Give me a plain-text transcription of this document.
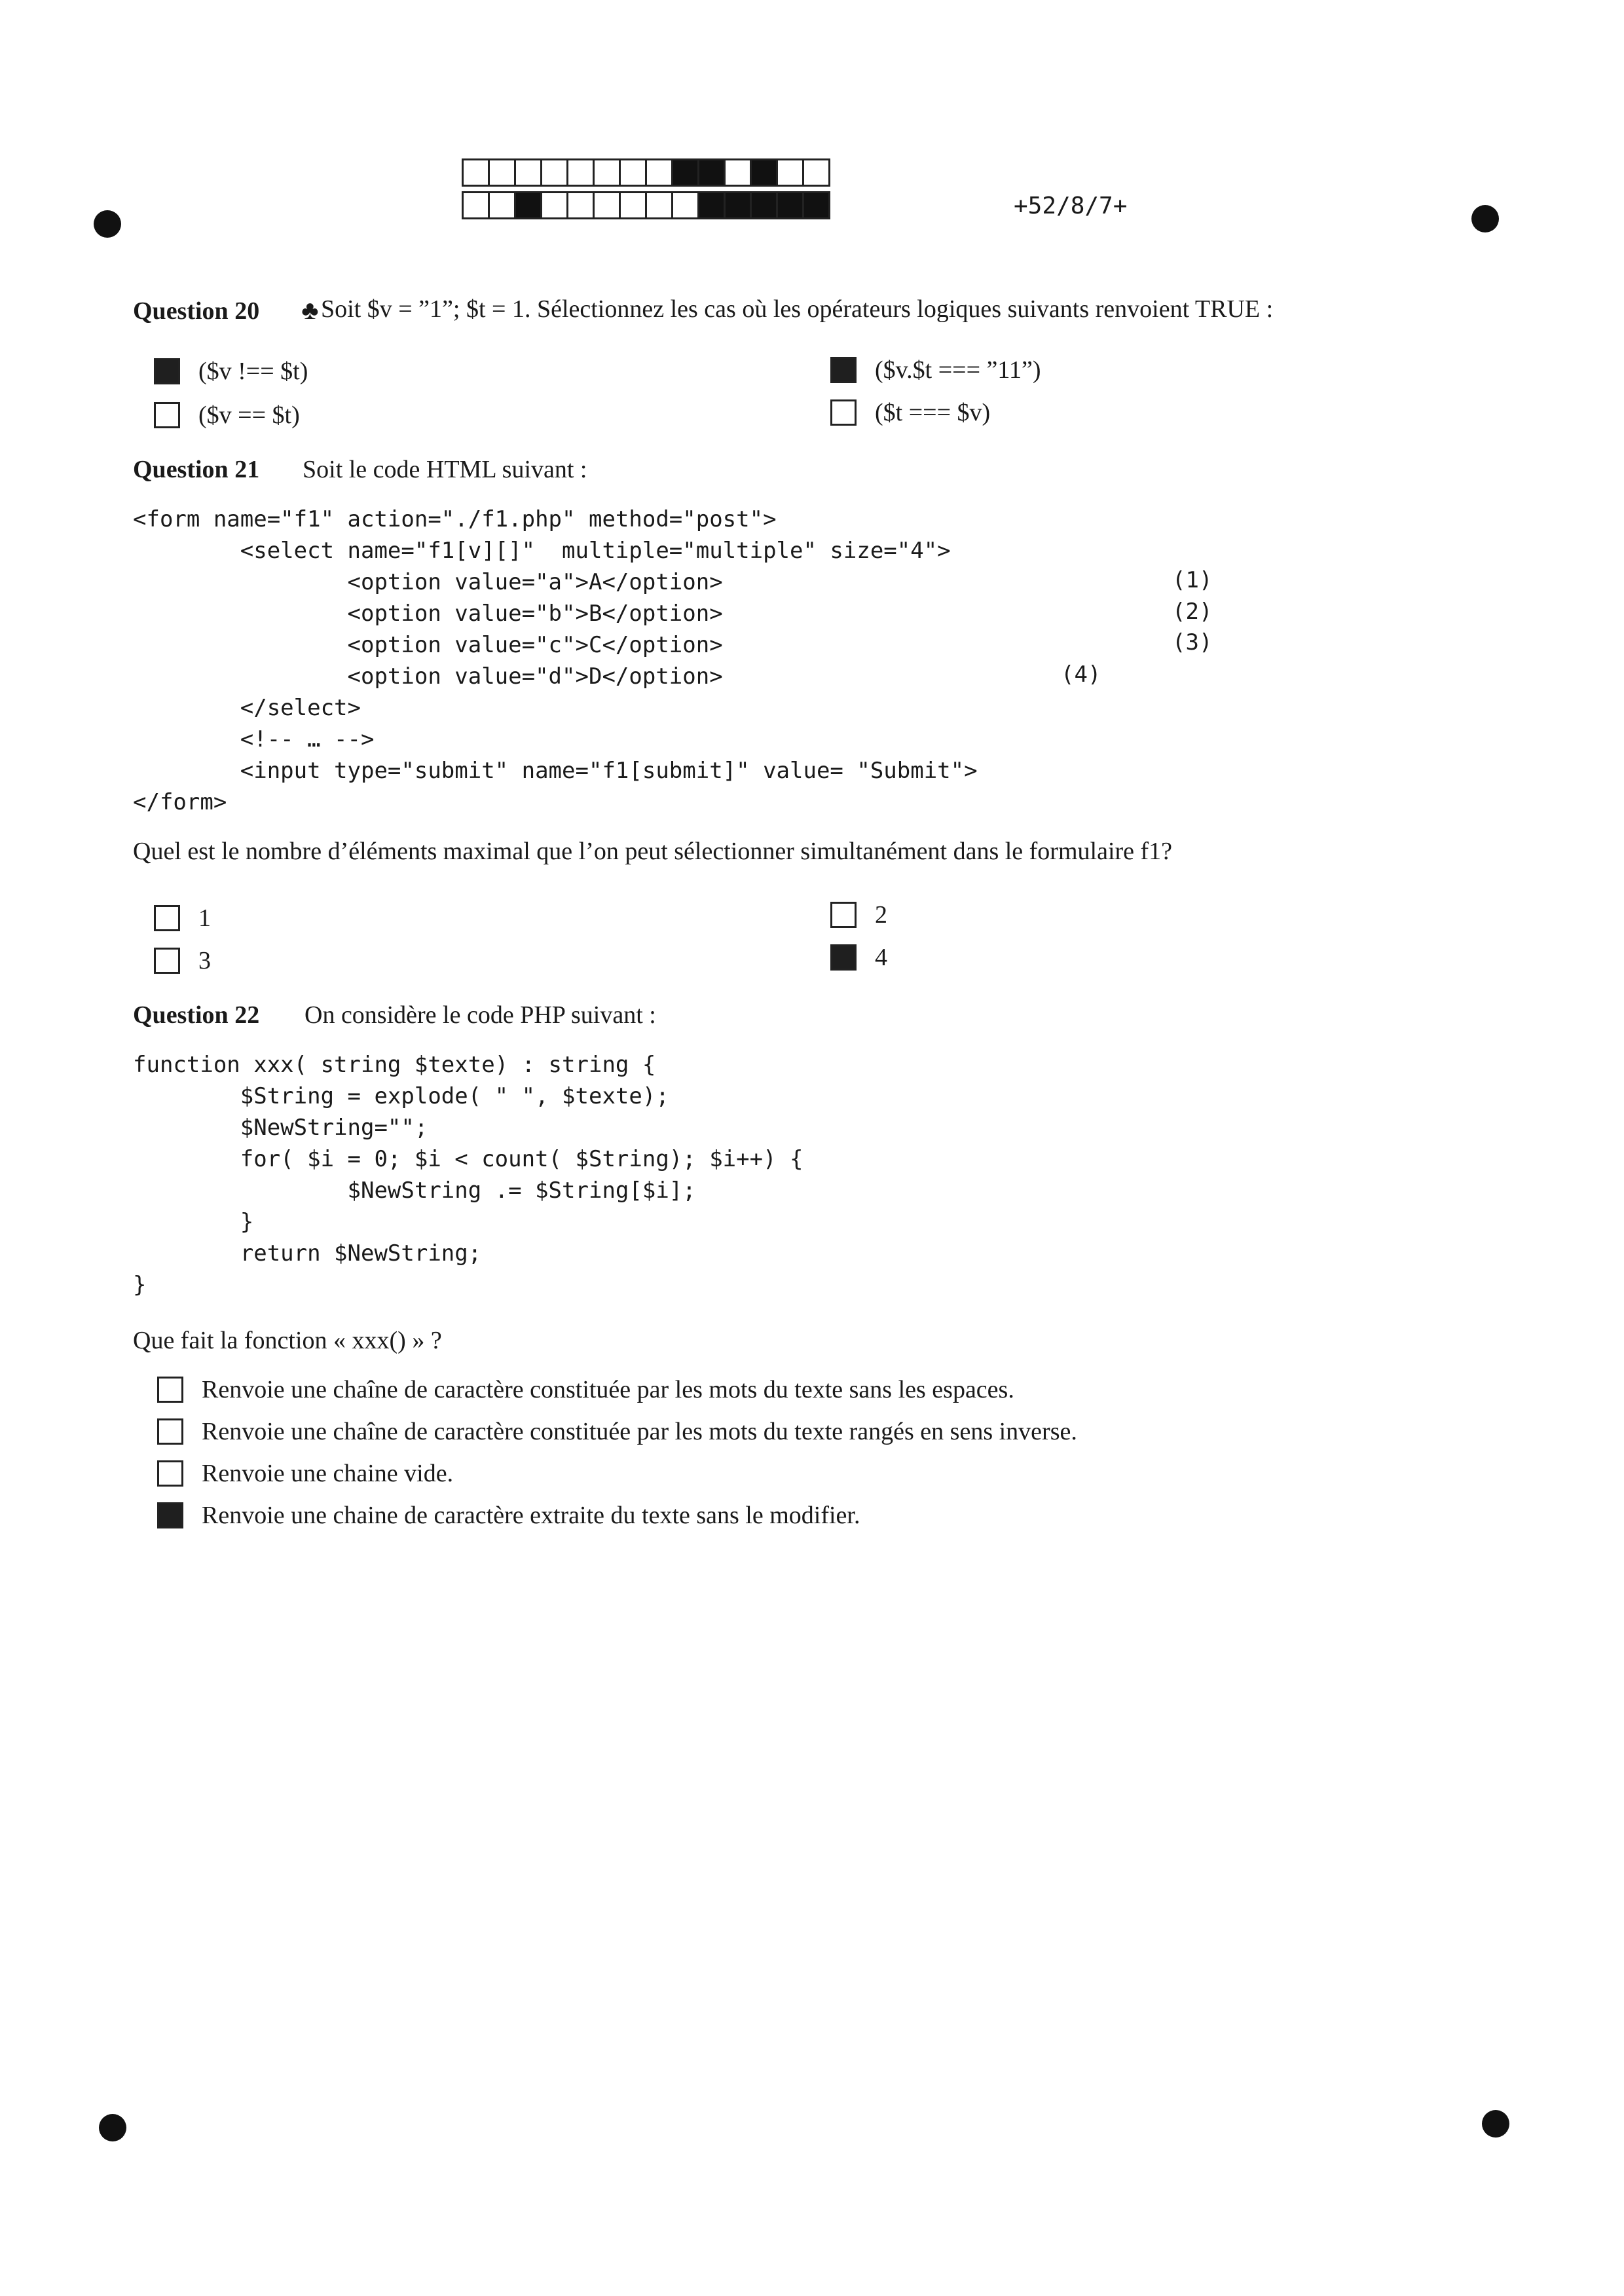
+52/8/7+
Question 20 ♣ Soit $v = ”1”; $t = 1. Sélectionnez les cas où les opérateurs logiques suivants renvoient TRUE :
($v !== $t)	($v.$t === ”11”)
($v == $t)	($t === $v)
Question 21	Soit le code HTML suivant :
<form name="f1" action="./f1.php" method="post">
<select name="f1[v][]"  multiple="multiple" size="4">
<option value="a">A</option>
<option value="b">B</option>
<option value="c">C</option>
<option value="d">D</option>
</select>
<!-- … -->
<input type="submit" name="f1[submit]" value= "Submit">
</form>
(1)
(2)
(3)
(4)
Quel est le nombre d’éléments maximal que l’on peut sélectionner simultanément dans le formulaire f1?
1	2
3	4
Question 22	On considère le code PHP suivant :
function xxx( string $texte) : string {
$String = explode( " ", $texte);
$NewString="";
for( $i = 0; $i < count( $String); $i++) {
$NewString .= $String[$i];
}
return $NewString;
}
Que fait la fonction « xxx() » ?
Renvoie une chaîne de caractère constituée par les mots du texte sans les espaces.
Renvoie une chaîne de caractère constituée par les mots du texte rangés en sens inverse.
Renvoie une chaine vide.
Renvoie une chaine de caractère extraite du texte sans le modifier.
